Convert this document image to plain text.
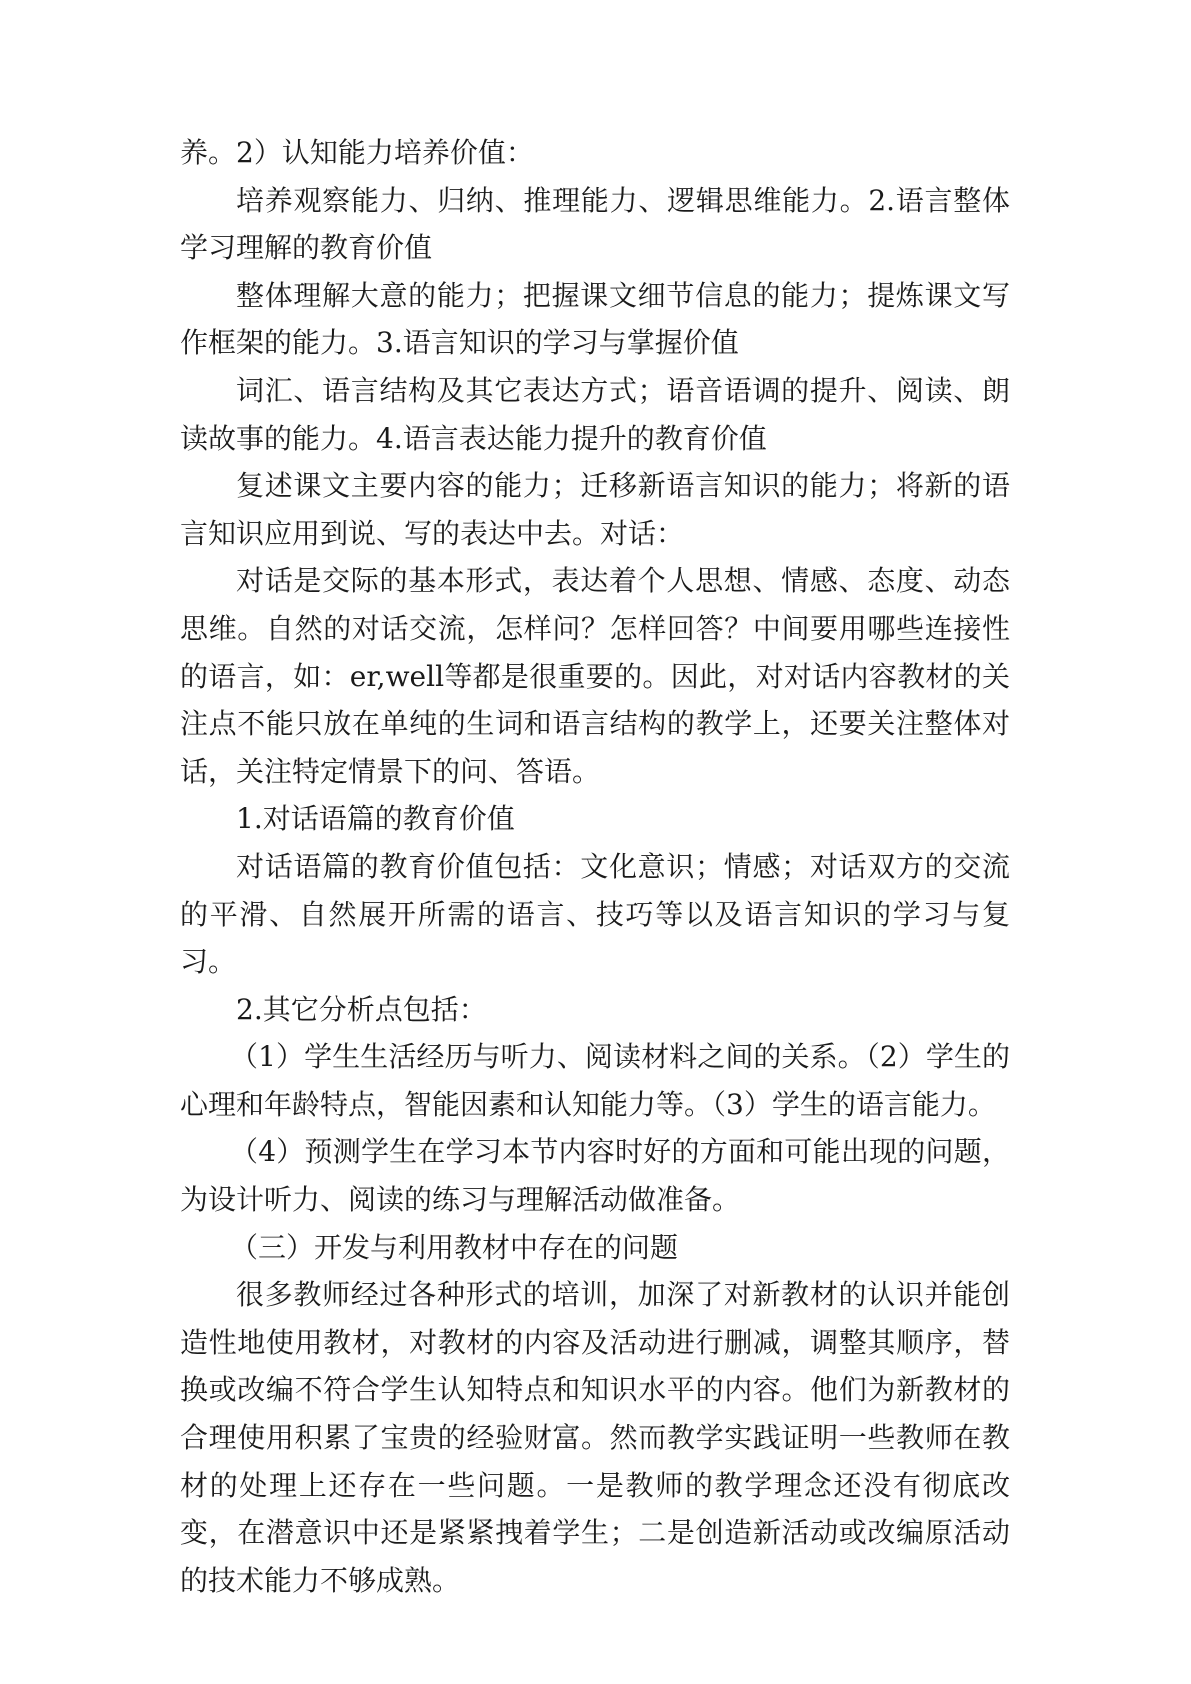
养。2）认知能力培养价值：

培养观察能力、归纳、推理能力、逻辑思维能力。2.语言整体学习理解的教育价值

整体理解大意的能力；把握课文细节信息的能力；提炼课文写作框架的能力。3.语言知识的学习与掌握价值

词汇、语言结构及其它表达方式；语音语调的提升、阅读、朗读故事的能力。4.语言表达能力提升的教育价值

复述课文主要内容的能力；迁移新语言知识的能力；将新的语言知识应用到说、写的表达中去。对话：

对话是交际的基本形式，表达着个人思想、情感、态度、动态思维。自然的对话交流，怎样问？怎样回答？中间要用哪些连接性的语言，如：er,well等都是很重要的。因此，对对话内容教材的关注点不能只放在单纯的生词和语言结构的教学上，还要关注整体对话，关注特定情景下的问、答语。

1.对话语篇的教育价值

对话语篇的教育价值包括：文化意识；情感；对话双方的交流的平滑、自然展开所需的语言、技巧等以及语言知识的学习与复习。

2.其它分析点包括：

（1）学生生活经历与听力、阅读材料之间的关系。（2）学生的心理和年龄特点，智能因素和认知能力等。（3）学生的语言能力。

（4）预测学生在学习本节内容时好的方面和可能出现的问题，为设计听力、阅读的练习与理解活动做准备。

（三）开发与利用教材中存在的问题

很多教师经过各种形式的培训，加深了对新教材的认识并能创造性地使用教材，对教材的内容及活动进行删减，调整其顺序，替换或改编不符合学生认知特点和知识水平的内容。他们为新教材的合理使用积累了宝贵的经验财富。然而教学实践证明一些教师在教材的处理上还存在一些问题。一是教师的教学理念还没有彻底改变，在潜意识中还是紧紧拽着学生；二是创造新活动或改编原活动的技术能力不够成熟。
